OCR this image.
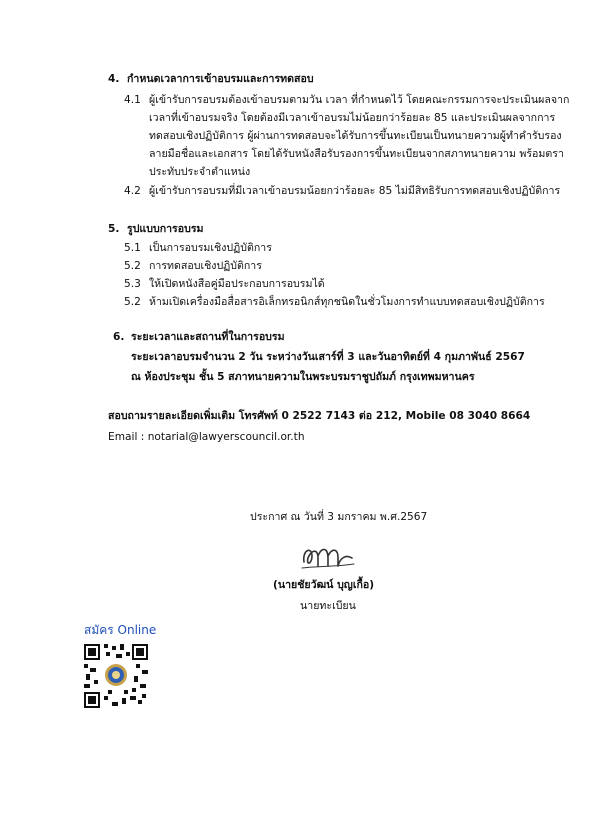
4. กำหนดเวลาการเข้าอบรมและการทดสอบ
4.1 ผู้เข้ารับการอบรมต้องเข้าอบรมตามวัน เวลา ที่กำหนดไว้ โดยคณะกรรมการจะประเมินผลจาก
เวลาที่เข้าอบรมจริง โดยต้องมีเวลาเข้าอบรมไม่น้อยกว่าร้อยละ 85 และประเมินผลจากการ
ทดสอบเชิงปฏิบัติการ ผู้ผ่านการทดสอบจะได้รับการขึ้นทะเบียนเป็นทนายความผู้ทำคำรับรอง
ลายมือชื่อและเอกสาร โดยได้รับหนังสือรับรองการขึ้นทะเบียนจากสภาทนายความ พร้อมตรา
ประทับประจำตำแหน่ง
4.2 ผู้เข้ารับการอบรมที่มีเวลาเข้าอบรมน้อยกว่าร้อยละ 85 ไม่มีสิทธิรับการทดสอบเชิงปฏิบัติการ
5. รูปแบบการอบรม
5.1 เป็นการอบรมเชิงปฏิบัติการ
5.2 การทดสอบเชิงปฏิบัติการ
5.3 ให้เปิดหนังสือคู่มือประกอบการอบรมได้
5.2 ห้ามเปิดเครื่องมือสื่อสารอิเล็กทรอนิกส์ทุกชนิดในชั่วโมงการทำแบบทดสอบเชิงปฏิบัติการ
6. ระยะเวลาและสถานที่ในการอบรม
ระยะเวลาอบรมจำนวน 2 วัน ระหว่างวันเสาร์ที่ 3 และวันอาทิตย์ที่ 4 กุมภาพันธ์ 2567
ณ ห้องประชุม ชั้น 5 สภาทนายความในพระบรมราชูปถัมภ์ กรุงเทพมหานคร
สอบถามรายละเอียดเพิ่มเติม โทรศัพท์ 0 2522 7143 ต่อ 212, Mobile 08 3040 8664
Email : notarial@lawyerscouncil.or.th
ประกาศ ณ วันที่ 3 มกราคม พ.ศ.2567
(นายชัยวัฒน์ บุญเกื้อ)
นายทะเบียน
สมัคร Online
